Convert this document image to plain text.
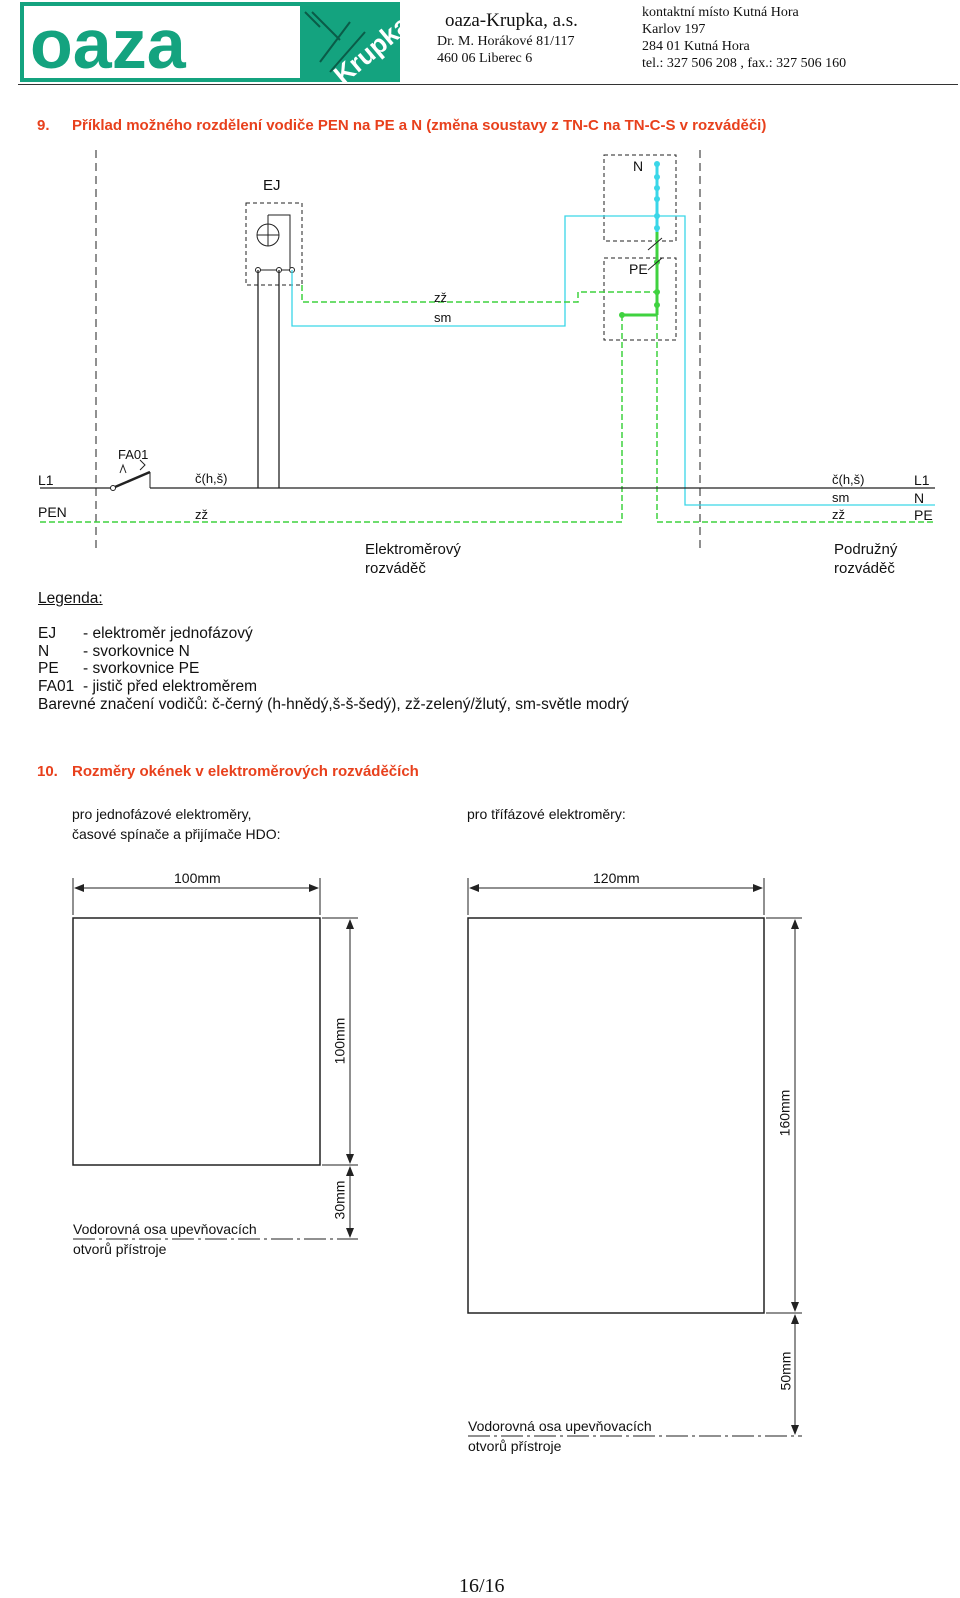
oaza	Krupka oaza-Krupka, a.s.
Dr. M. Horákové 81/117
460 06 Liberec 6
kontaktní místo Kutná Hora
Karlov 197
284 01 Kutná Hora
tel.: 327 506 208 , fax.: 327 506 160
9. Příklad možného rozdělení vodiče PEN na PE a N (změna soustavy z TN-C na TN-C-S v rozváděči)
EJ
N
PE
zž
sm
FA01
L1
PEN
č(h,š)
zž
č(h,š)
sm
zž
L1
N
PE
Elektroměrový
rozváděč
Podružný
rozváděč
Legenda:
EJ - elektroměr jednofázový
N - svorkovnice N
PE - svorkovnice PE
FA01 - jistič před elektroměrem
Barevné značení vodičů: č-černý (h-hnědý,š-š-šedý), zž-zelený/žlutý, sm-světle modrý
10. Rozměry okének v elektroměrových rozváděčích
pro jednofázové elektroměry,
časové spínače a přijímače HDO:
pro třífázové elektroměry:
100mm
100mm
30mm
Vodorovná osa upevňovacích
otvorů přístroje
120mm
160mm
50mm
Vodorovná osa upevňovacích
otvorů přístroje
16/16
